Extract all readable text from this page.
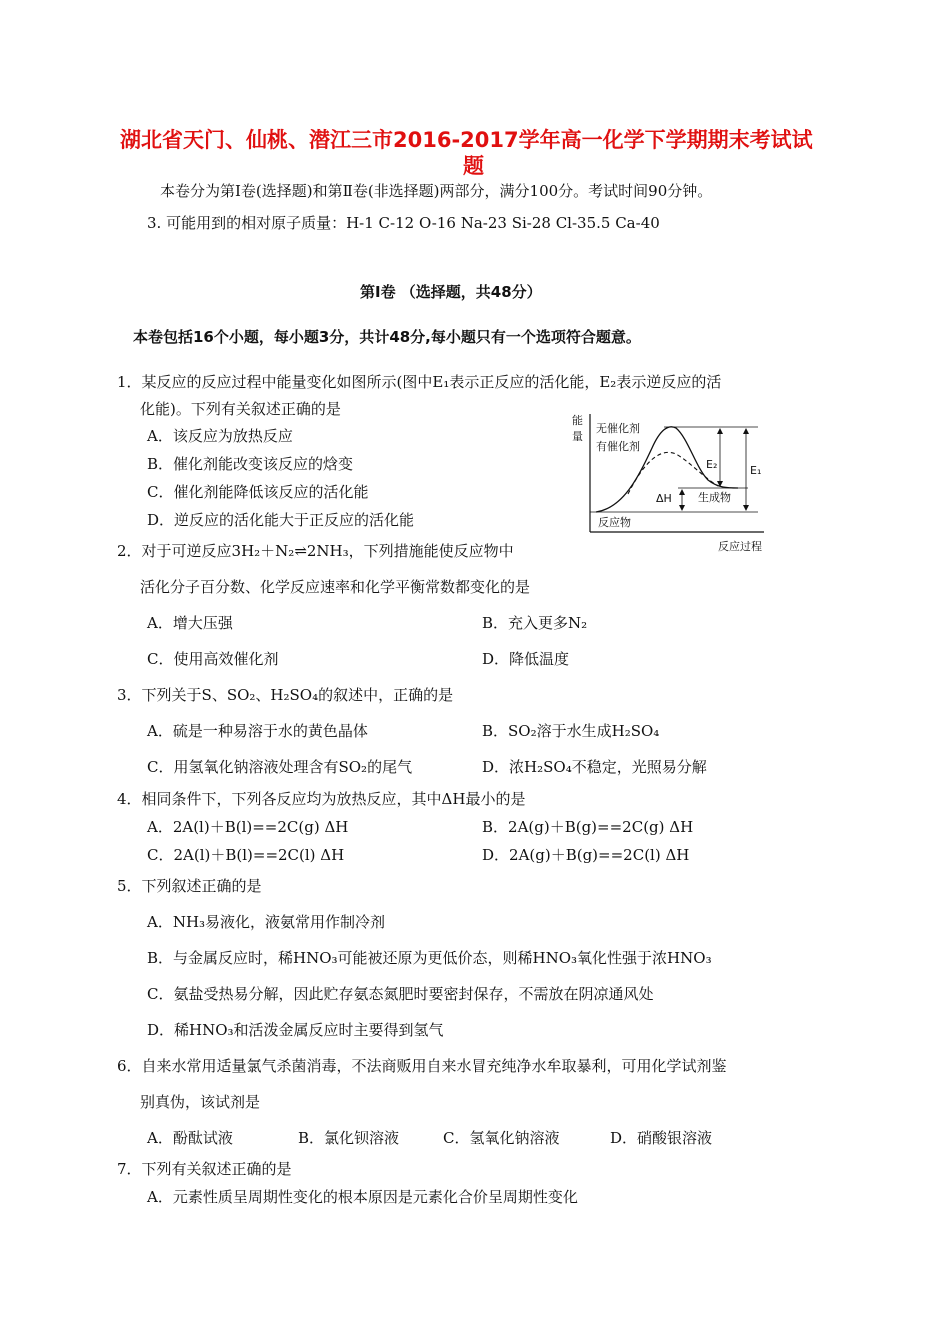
湖北省天门、仙桃、潜江三市2016-2017学年高一化学下学期期末考试试
题
本卷分为第Ⅰ卷(选择题)和第Ⅱ卷(非选择题)两部分，满分100分。考试时间90分钟。
3. 可能用到的相对原子质量：H-1 C-12 O-16 Na-23 Si-28 Cl-35.5 Ca-40
第Ⅰ卷 （选择题，共48分）
本卷包括16个小题，每小题3分，共计48分,每小题只有一个选项符合题意。
1．某反应的反应过程中能量变化如图所示(图中E₁表示正反应的活化能，E₂表示逆反应的活
化能)。下列有关叙述正确的是
A．该反应为放热反应
B．催化剂能改变该反应的焓变
C．催化剂能降低该反应的活化能
D．逆反应的活化能大于正反应的活化能
能
量
反应过程
无催化剂
有催化剂
反应物
生成物
ΔH
E₂	E₁
2．对于可逆反应3H₂＋N₂⇌2NH₃，下列措施能使反应物中
活化分子百分数、化学反应速率和化学平衡常数都变化的是
A．增大压强	B．充入更多N₂
C．使用高效催化剂	D．降低温度
3．下列关于S、SO₂、H₂SO₄的叙述中，正确的是
A．硫是一种易溶于水的黄色晶体	B．SO₂溶于水生成H₂SO₄
C．用氢氧化钠溶液处理含有SO₂的尾气	D．浓H₂SO₄不稳定，光照易分解
4．相同条件下，下列各反应均为放热反应，其中ΔH最小的是
A．2A(l)＋B(l)==2C(g) ΔH	B．2A(g)＋B(g)==2C(g) ΔH
C．2A(l)＋B(l)==2C(l) ΔH	D．2A(g)＋B(g)==2C(l) ΔH
5．下列叙述正确的是
A．NH₃易液化，液氨常用作制冷剂
B．与金属反应时，稀HNO₃可能被还原为更低价态，则稀HNO₃氧化性强于浓HNO₃
C．氨盐受热易分解，因此贮存氨态氮肥时要密封保存，不需放在阴凉通风处
D．稀HNO₃和活泼金属反应时主要得到氢气
6．自来水常用适量氯气杀菌消毒，不法商贩用自来水冒充纯净水牟取暴利，可用化学试剂鉴
别真伪，该试剂是
A．酚酞试液	B．氯化钡溶液	C．氢氧化钠溶液	D．硝酸银溶液
7．下列有关叙述正确的是
A．元素性质呈周期性变化的根本原因是元素化合价呈周期性变化
